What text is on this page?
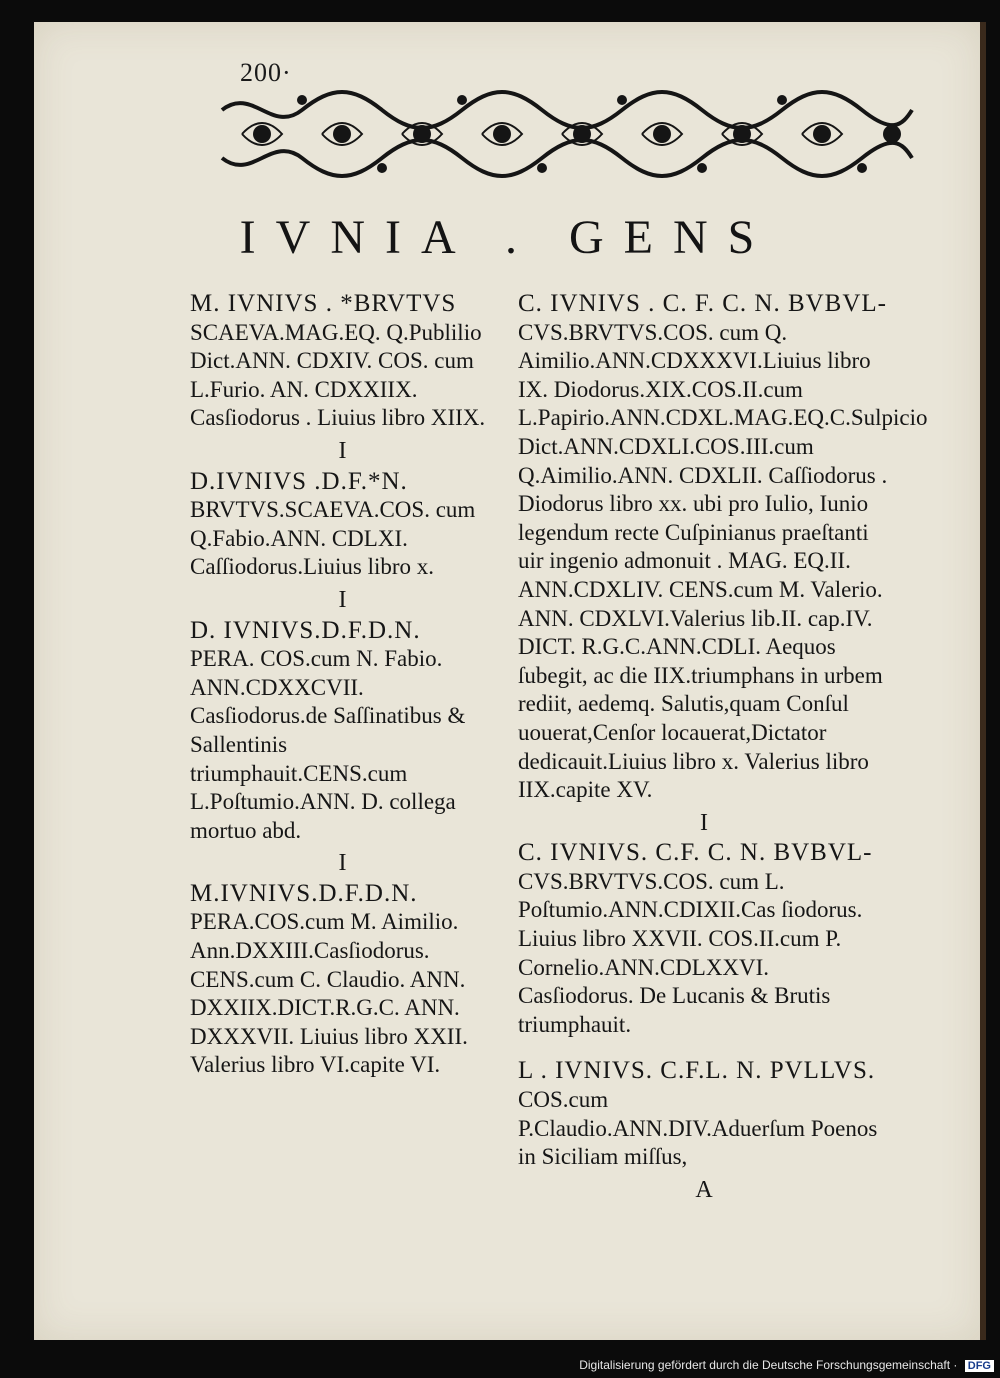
200·
IVNIA . GENS

M. IVNIVS . *BRVTVS
SCAEVA.MAG.EQ. Q.Publilio Dict.ANN. CDXIV. COS. cum L.Furio. AN. CDXXIIX. Casſiodorus . Liuius libro XIIX.

I

D.IVNIVS .D.F.*N.
BRVTVS.SCAEVA.COS. cum Q.Fabio.ANN. CDLXI. Caſſiodorus.Liuius libro x.

I

D. IVNIVS.D.F.D.N.
PERA. COS.cum N. Fabio. ANN.CDXXCVII. Casſiodorus.de Saſſinatibus & Sallentinis triumphauit.CENS.cum L.Poſtumio.ANN. D. collega mortuo abd.

I

M.IVNIVS.D.F.D.N.
PERA.COS.cum M. Aimilio. Ann.DXXIII.Casſiodorus. CENS.cum C. Claudio. ANN. DXXIIX.DICT.R.G.C. ANN. DXXXVII. Liuius libro XXII. Valerius libro VI.capite VI.

C. IVNIVS . C. F. C. N. BVBVL-
CVS.BRVTVS.COS. cum Q. Aimilio.ANN.CDXXXVI.Liuius libro IX. Diodorus.XIX.COS.II.cum L.Papirio.ANN.CDXL.MAG.EQ.C.Sulpicio Dict.ANN.CDXLI.COS.III.cum Q.Aimilio.ANN. CDXLII. Caſſiodorus . Diodorus libro xx. ubi pro Iulio, Iunio legendum recte Cuſpinianus praeſtanti uir ingenio admonuit . MAG. EQ.II. ANN.CDXLIV. CENS.cum M. Valerio. ANN. CDXLVI.Valerius lib.II. cap.IV. DICT. R.G.C.ANN.CDLI. Aequos ſubegit, ac die IIX.triumphans in urbem rediit, aedemq. Salutis,quam Conſul uouerat,Cenſor locauerat,Dictator dedicauit.Liuius libro x. Valerius libro IIX.capite XV.

I

C. IVNIVS. C.F. C. N. BVBVL-
CVS.BRVTVS.COS. cum L. Poſtumio.ANN.CDIXII.Cas ſiodorus. Liuius libro XXVII. COS.II.cum P. Cornelio.ANN.CDLXXVI. Casſiodorus. De Lucanis & Brutis triumphauit.

L . IVNIVS. C.F.L. N. PVLLVS.
COS.cum P.Claudio.ANN.DIV.Aduerſum Poenos in Siciliam miſſus,

A
Digitalisierung gefördert durch die Deutsche Forschungsgemeinschaft · DFG
